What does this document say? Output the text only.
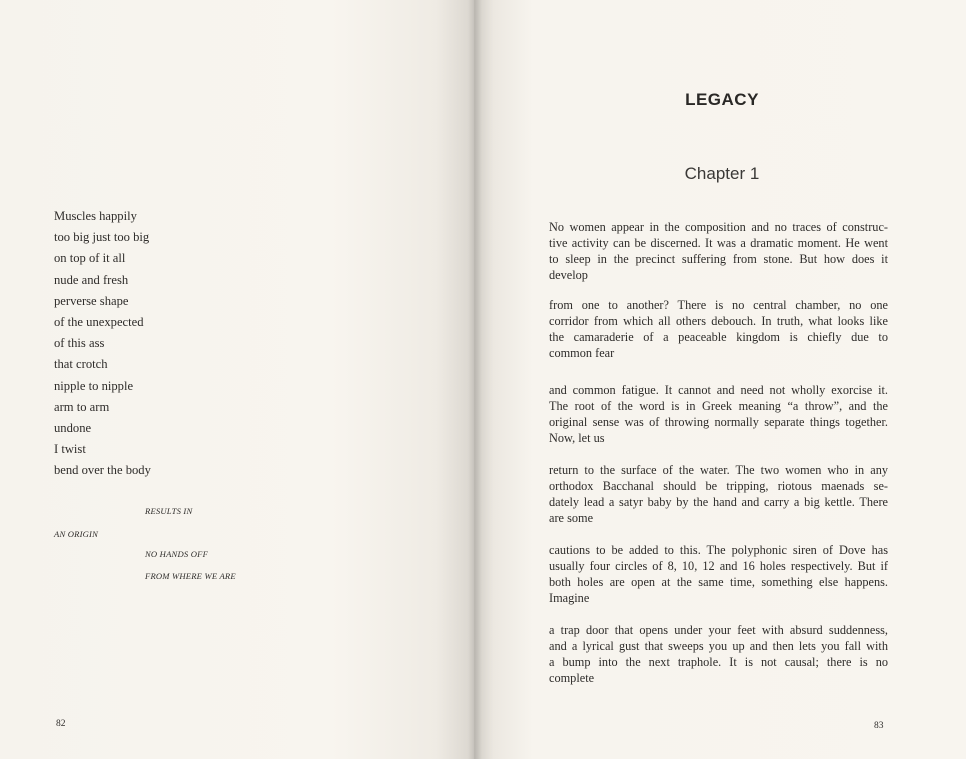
Muscles happily
too big just too big
on top of it all
nude and fresh
perverse shape
of the unexpected
of this ass
that crotch
nipple to nipple
arm to arm
undone
I twist
bend over the body
RESULTS IN
AN ORIGIN
NO HANDS OFF
FROM WHERE WE ARE
82
LEGACY
Chapter 1
No women appear in the composition and no traces of construc-
tive activity can be discerned. It was a dramatic moment. He went
to sleep in the precinct suffering from stone. But how does it
develop
from one to another? There is no central chamber, no one
corridor from which all others debouch. In truth, what looks like
the camaraderie of a peaceable kingdom is chiefly due to
common fear
and common fatigue. It cannot and need not wholly exorcise it.
The root of the word is in Greek meaning “a throw”, and the
original sense was of throwing normally separate things together.
Now, let us
return to the surface of the water. The two women who in any
orthodox Bacchanal should be tripping, riotous maenads se-
dately lead a satyr baby by the hand and carry a big kettle. There
are some
cautions to be added to this. The polyphonic siren of Dove has
usually four circles of 8, 10, 12 and 16 holes respectively. But if
both holes are open at the same time, something else happens.
Imagine
a trap door that opens under your feet with absurd suddenness,
and a lyrical gust that sweeps you up and then lets you fall with
a bump into the next traphole. It is not causal; there is no
complete
83
